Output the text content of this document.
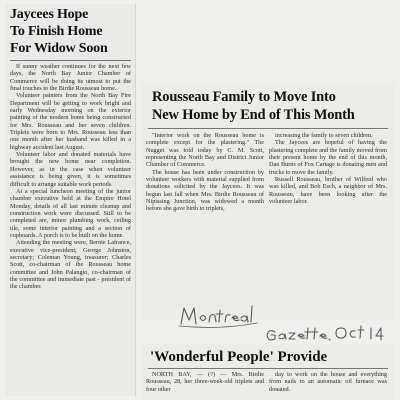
Jaycees Hope
To Finish Home
For Widow Soon

If sunny weather continues for the next few days, the North Bay Junior Chamber of Commerce will be doing its utmost to put the final touches to the Birdie Rousseau home.

Volunteer painters from the North Bay Fire Department will be getting to work bright and early Wednesday morning on the exterior painting of the modern home being constructed for Mrs. Rousseau and her seven children. Triplets were born to Mrs. Rousseau less than one month after her husband was killed in a highway accident last August.

Volunteer labor and donated materials have brought the new home near completion. However, as in the case when volunteer assistance is being given, it is sometimes difficult to arrange suitable work periods.

At a special luncheon meeting of the junior chamber executive held at the Empire Hotel Monday, details of all last minute cleanup and construction work were discussed. Still to be completed are, minor plumbing work, ceiling tile, some interior painting and a section of cupboards. A porch is to be built on the home.

Attending the meeting were, Bernie Lafrance, executive vice-president; George Johnston, secretary; Coleman Young, treasurer; Charles Scott, co-chairman of the Rousseau home committee and John Palangio, co-chairman of the committee and immediate past - president of the chamber.

Rousseau Family to Move Into
New Home by End of This Month

"Interior work on the Rousseau home is complete except for the plastering." The Nugget was told today by C. M. Scott, representing the North Bay and District Junior Chamber of Commerce.

The house has been under construction by volunteer workers with material supplied from donations solicited by the Jaycees. It was begun last fall when Mrs. Birdie Rousseau of Nipissing Junction, was widowed a month before she gave birth to triplets,

increasing the family to seven children.

The Jaycees are hopeful of having the plastering complete and the family moved from their present home by the end of this month, Dan Burns of Fox Cartage is donating men and trucks to move the family.

Russell Rousseau, brother of Wilfred who was killed, and Bob Esch, a neighbor of Mrs. Rousseau, have been looking after the volunteer labor.

'Wonderful People' Provide

NORTH BAY, — (?) — Mrs. Birdie Rousseau, 28, her three-week-old triplets and four other

day to work on the house and everything from nails to an automatic oil furnace was donated.
